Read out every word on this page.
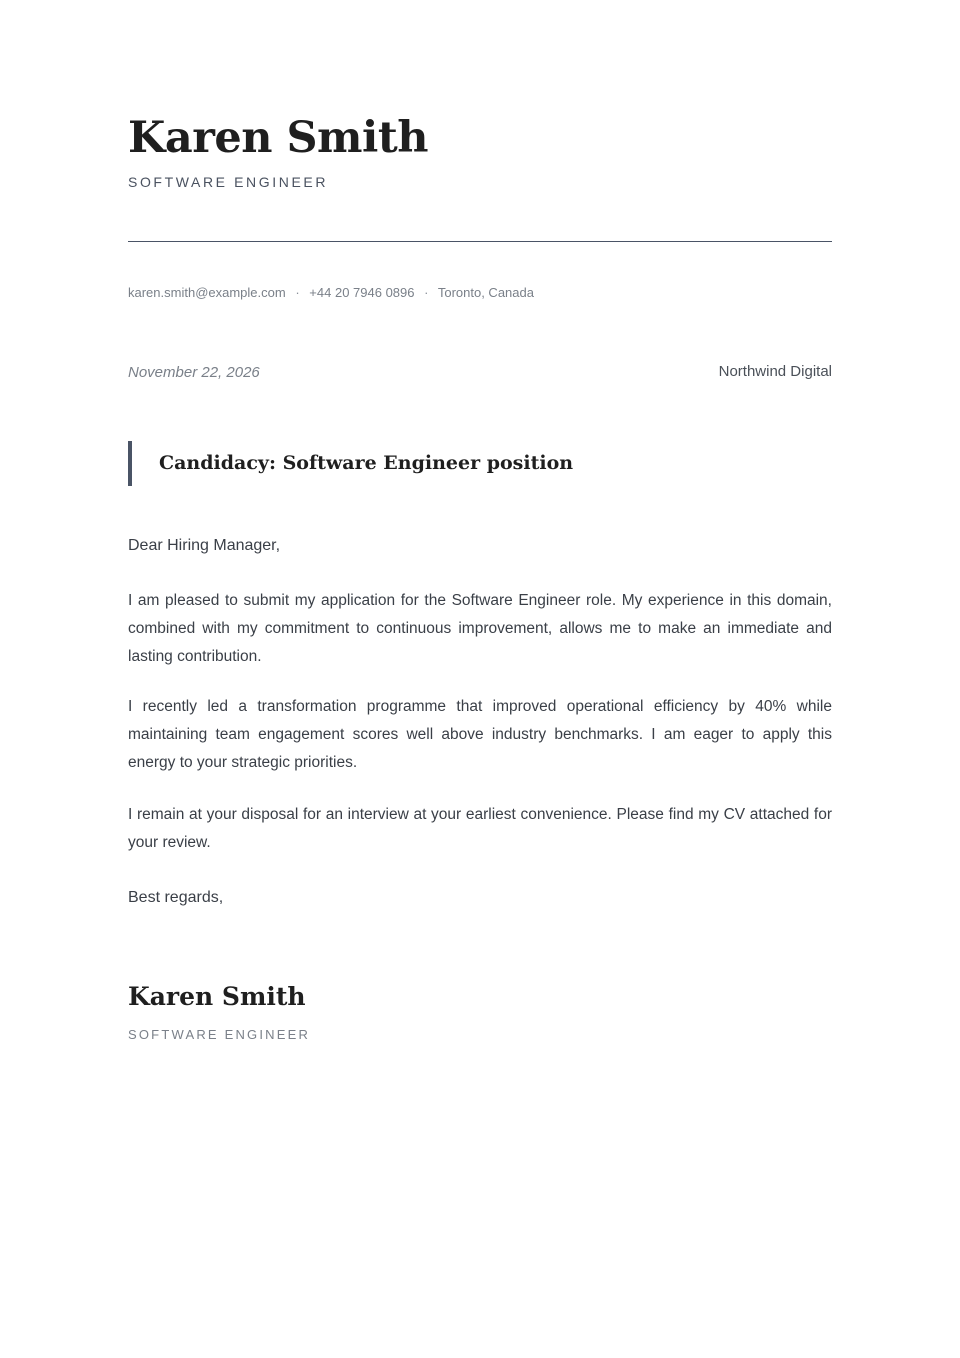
Karen Smith
SOFTWARE ENGINEER
karen.smith@example.com · +44 20 7946 0896 · Toronto, Canada
November 22, 2026	Northwind Digital
Candidacy: Software Engineer position
Dear Hiring Manager,

I am pleased to submit my application for the Software Engineer role. My experience in this domain, combined with my commitment to continuous improvement, allows me to make an immediate and lasting contribution.

I recently led a transformation programme that improved operational efficiency by 40% while maintaining team engagement scores well above industry benchmarks. I am eager to apply this energy to your strategic priorities.

I remain at your disposal for an interview at your earliest convenience. Please find my CV attached for your review.

Best regards,
Karen Smith
SOFTWARE ENGINEER
